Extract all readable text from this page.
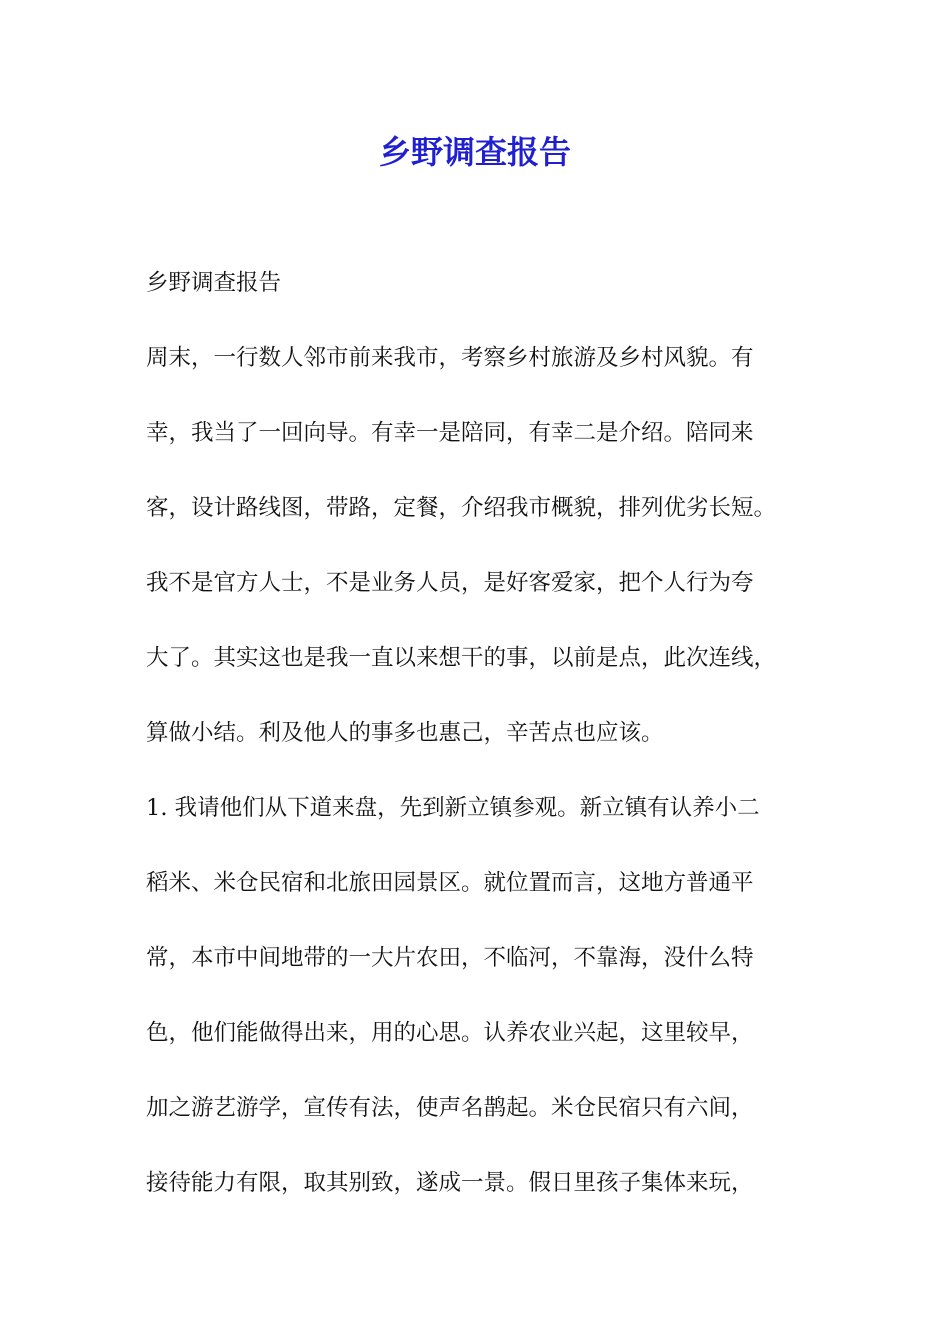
乡野调查报告

乡野调查报告

周末，一行数人邻市前来我市，考察乡村旅游及乡村风貌。有

幸，我当了一回向导。有幸一是陪同，有幸二是介绍。陪同来

客，设计路线图，带路，定餐，介绍我市概貌，排列优劣长短。

我不是官方人士，不是业务人员，是好客爱家，把个人行为夸

大了。其实这也是我一直以来想干的事，以前是点，此次连线，

算做小结。利及他人的事多也惠己，辛苦点也应该。

1. 我请他们从下道来盘，先到新立镇参观。新立镇有认养小二

稻米、米仓民宿和北旅田园景区。就位置而言，这地方普通平

常，本市中间地带的一大片农田，不临河，不靠海，没什么特

色，他们能做得出来，用的心思。认养农业兴起，这里较早，

加之游艺游学，宣传有法，使声名鹊起。米仓民宿只有六间，

接待能力有限，取其别致，遂成一景。假日里孩子集体来玩，
